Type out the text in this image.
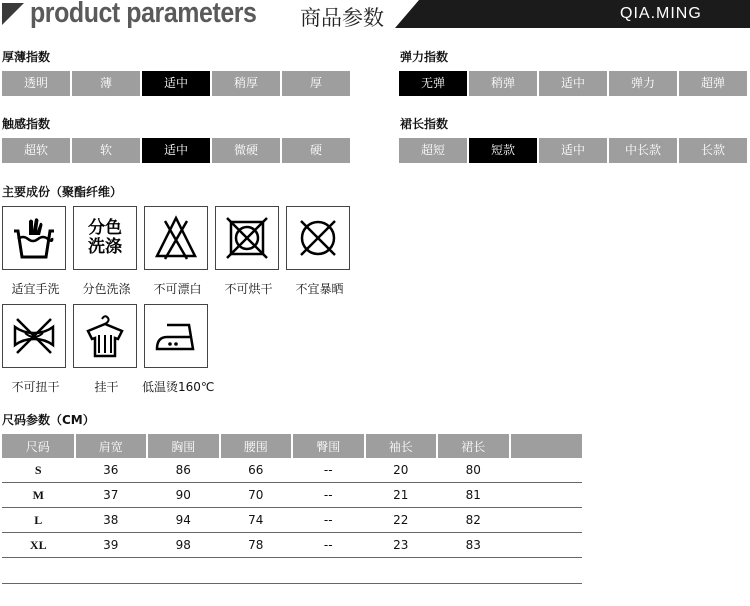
product parameters 商品参数	QIA.MING
厚薄指数
透明	薄	适中	稍厚	厚
弹力指数
无弹	稍弹	适中	弹力	超弹
触感指数
超软	软	适中	微硬	硬
裙长指数
超短	短款	适中	中长款	长款
主要成份（聚酯纤维）
适宜手洗
分色
洗涤
分色洗涤	不可漂白	不可烘干	不宜暴晒
不可扭干	挂干	低温烫160℃
尺码参数（CM）
尺码	肩宽	胸围	腰围	臀围	袖长	裙长	
S	36	86	66	--	20	80	
M	37	90	70	--	21	81	
L	38	94	74	--	22	82	
XL	39	98	78	--	23	83	
